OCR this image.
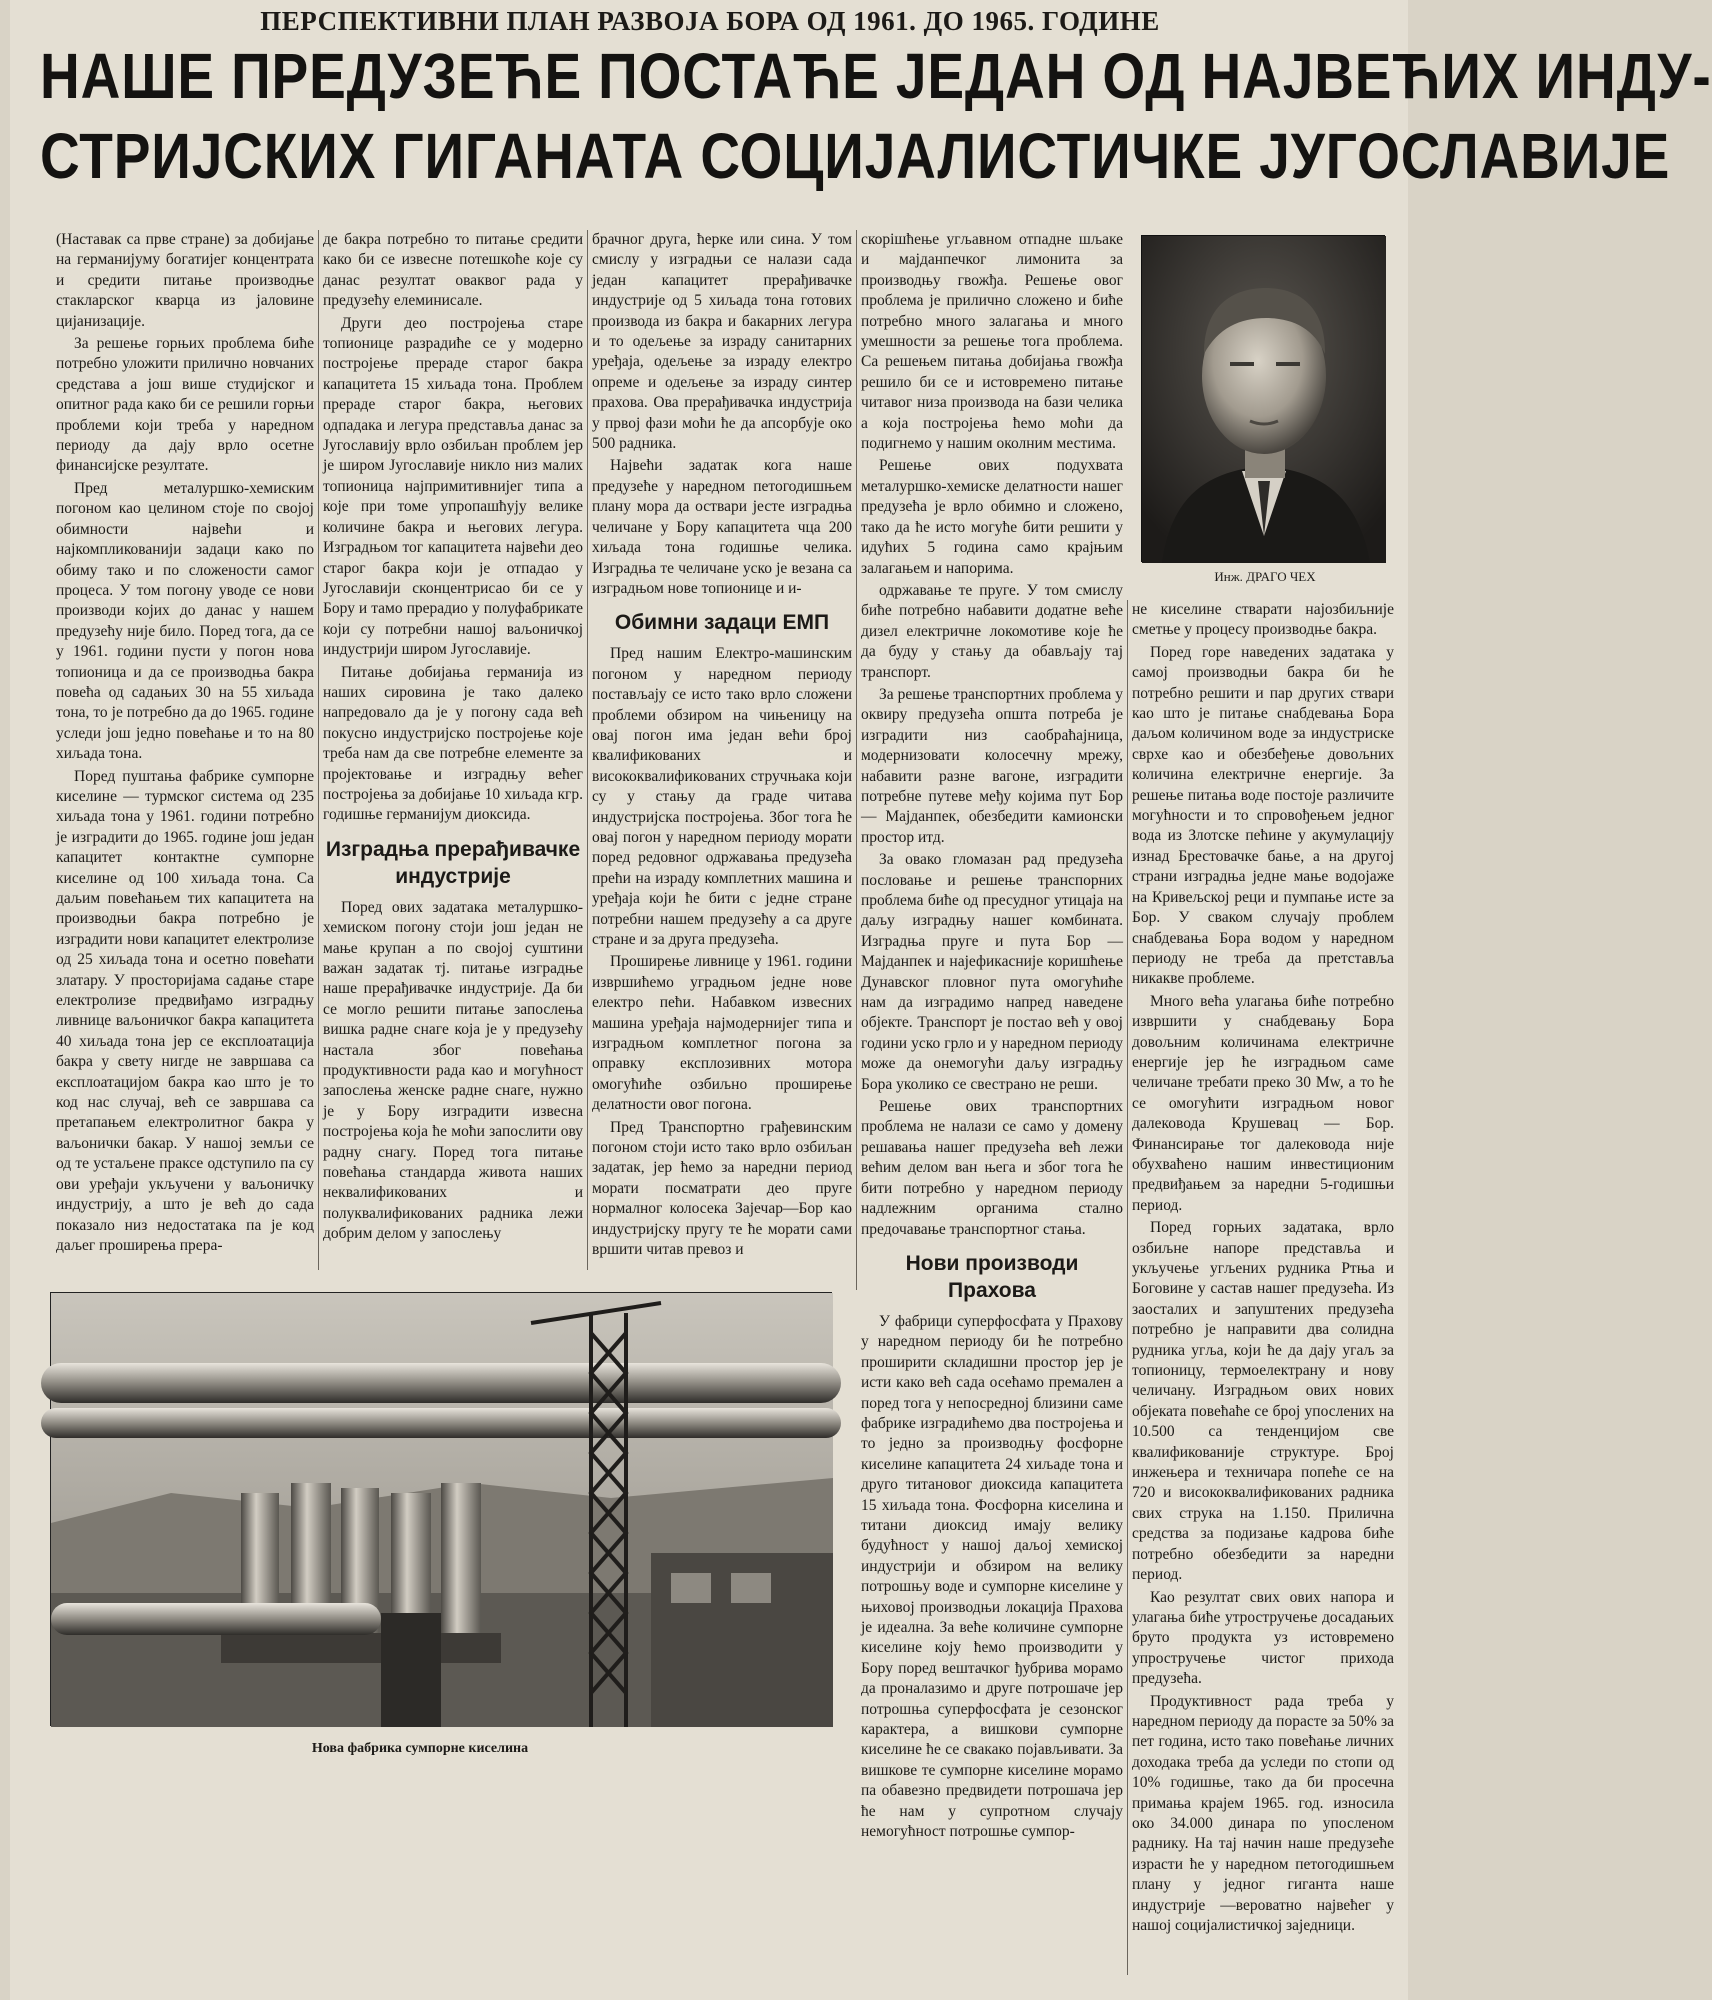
ПЕРСПЕКТИВНИ ПЛАН РАЗВОЈА БОРА ОД 1961. ДО 1965. ГОДИНЕ
НАШЕ ПРЕДУЗЕЋЕ ПОСТАЋЕ ЈЕДАН ОД НАЈВЕЋИХ ИНДУ-
СТРИЈСКИХ ГИГАНАТА СОЦИЈАЛИСТИЧКЕ ЈУГОСЛАВИЈЕ

(Наставак са прве стране) за добијање на германијуму богатијег концентрата и средити питање производње стакларског кварца из јаловине цијанизације.

За решење горњих проблема биће потребно уложити прилично новчаних средстава а још више студијског и опитног рада како би се решили горњи проблеми који треба у наредном периоду да дају врло осетне финансијске резултате.

Пред металуршко-хемиским погоном као целином стоје по својој обимности највећи и најкомпликованији задаци како по обиму тако и по сложености самог процеса. У том погону уводе се нови производи којих до данас у нашем предузећу није било. Поред тога, да се у 1961. години пусти у погон нова топионица и да се производња бакра повећа од садањих 30 на 55 хиљада тона, то је потребно да до 1965. године уследи још једно повећање и то на 80 хиљада тона.

Поред пуштања фабрике сумпорне киселине — турмског система од 235 хиљада тона у 1961. години потребно је изградити до 1965. године још један капацитет контактне сумпорне киселине од 100 хиљада тона. Са даљим повећањем тих капацитета на производњи бакра потребно је изградити нови капацитет електролизе од 25 хиљада тона и осетно повећати златару. У просторијама садање старе електролизе предвиђамо изградњу ливнице ваљоничког бакра капацитета 40 хиљада тона јер се експлоатација бакра у свету нигде не завршава са експлоатацијом бакра као што је то код нас случај, већ се завршава са претапањем електролитног бакра у ваљонички бакар. У нашој земљи се од те устаљене праксе одступило па су ови уређаји укључени у ваљоничку индустрију, а што је већ до сада показало низ недостатака па је код даљег проширења прера-

де бакра потребно то питање средити како би се извесне потешкоће које су данас резултат оваквог рада у предузећу елеминисале.

Други део постројења старе топионице разрадиће се у модерно постројење прераде старог бакра капацитета 15 хиљада тона. Проблем прераде старог бакра, његових одпадака и легура представља данас за Југославију врло озбиљан проблем јер је широм Југославије никло низ малих топионица најпримитивнијег типа а које при томе упропашћују велике количине бакра и његових легура. Изградњом тог капацитета највећи део старог бакра који је отпадао у Југославији сконцентрисао би се у Бору и тамо прерадио у полуфабрикате који су потребни нашој ваљоничкој индустрији широм Југославије.

Питање добијања германија из наших сировина је тако далеко напредовало да је у погону сада већ покусно индустријско постројење које треба нам да све потребне елементе за пројектовање и изградњу већег постројења за добијање 10 хиљада кгр. годишње германијум диоксида.

Изградња прерађивачке индустрије

Поред ових задатака металуршко-хемиском погону стоји још један не мање крупан а по својој суштини важан задатак тј. питање изградње наше прерађивачке индустрије. Да би се могло решити питање запослења вишка радне снаге која је у предузећу настала због повећања продуктивности рада као и могућност запослења женске радне снаге, нужно је у Бору изградити извесна постројења која ће моћи запослити ову радну снагу. Поред тога питање повећања стандарда живота наших неквалификованих и полуквалификованих радника лежи добрим делом у запослењу

брачног друга, ћерке или сина. У том смислу у изградњи се налази сада један капацитет прерађивачке индустрије од 5 хиљада тона готових производа из бакра и бакарних легура и то одељење за израду санитарних уређаја, одељење за израду електро опреме и одељење за израду синтер прахова. Ова прерађивачка индустрија у првој фази моћи ће да апсорбује око 500 радника.

Највећи задатак кога наше предузеће у наредном петогодишњем плану мора да оствари јесте изградња челичане у Бору капацитета чца 200 хиљада тона годишње челика. Изградња те челичане уско је везана са изградњом нове топионице и и-

Обимни задаци ЕМП

Пред нашим Електро-машинским погоном у наредном периоду постављају се исто тако врло сложени проблеми обзиром на чињеницу на овај погон има један већи број квалификованих и висококвалификованих стручњака који су у стању да граде читава индустријска постројења. Због тога ће овај погон у наредном периоду морати поред редовног одржавања предузећа прећи на израду комплетних машина и уређаја који ће бити с једне стране потребни нашем предузећу а са друге стране и за друга предузећа.

Проширење ливнице у 1961. години извршићемо уградњом једне нове електро пећи. Набавком извесних машина уређаја најмодернијег типа и изградњом комплетног погона за оправку експлозивних мотора омогућиће озбиљно проширење делатности овог погона.

Пред Транспортно грађевинским погоном стоји исто тако врло озбиљан задатак, јер ћемо за наредни период морати посматрати део пруге нормалног колосека Зајечар—Бор као индустријску пругу те ће морати сами вршити читав превоз и

скорішћење угљавном отпадне шљаке и мајданпечког лимонита за производњу гвожђа. Решење овог проблема је прилично сложено и биће потребно много залагања и много умешности за решење тога проблема. Са решењем питања добијања гвожђа решило би се и истовремено питање читавог низа производа на бази челика а која постројења ћемо моћи да подигнемо у нашим околним местима.

Решење ових подухвата металуршко-хемиске делатности нашег предузећа је врло обимно и сложено, тако да ће исто могуће бити решити у идућих 5 година само крајњим залагањем и напорима.

одржавање те пруге. У том смислу биће потребно набавити додатне веће дизел електричне локомотиве које ће да буду у стању да обављају тај транспорт.

За решење транспортних проблема у оквиру предузећа општа потреба је изградити низ саобраћајница, модернизовати колосечну мрежу, набавити разне вагоне, изградити потребне путеве међу којима пут Бор — Мајданпек, обезбедити камионски простор итд.

За овако гломазан рад предузећа пословање и решење транспорних проблема биће од пресудног утицаја на даљу изградњу нашег комбината. Изградња пруге и пута Бор — Мајданпек и најефикасније коришћење Дунавског пловног пута омогућиће нам да изградимо напред наведене објекте. Транспорт је постао већ у овој години уско грло и у наредном периоду може да онемогући даљу изградњу Бора уколико се свестрано не реши.

Решење ових транспортних проблема не налази се само у домену решавања нашег предузећа већ лежи већим делом ван њега и због тога ће бити потребно у наредном периоду надлежним органима стално предочавање транспортног стања.

Нови производи Прахова

У фабрици суперфосфата у Прахову у наредном периоду би ће потребно проширити складишни простор јер је исти како већ сада осећамо премален а поред тога у непосредној близини саме фабрике изградићемо два постројења и то једно за производњу фосфорне киселине капацитета 24 хиљаде тона и друго титановог диоксида капацитета 15 хиљада тона. Фосфорна киселина и титани диоксид имају велику будућност у нашој даљој хемиској индустрији и обзиром на велику потрошњу воде и сумпорне киселине у њиховој производњи локација Прахова је идеална. За веће количине сумпорне киселине коју ћемо производити у Бору поред вештачког ђубрива морамо да проналазимо и друге потрошаче јер потрошња суперфосфата је сезонског карактера, а вишкови сумпорне киселине ће се свакако појављивати. За вишкове те сумпорне киселине морамо па обавезно предвидети потрошача јер ће нам у супротном случају немогућност потрошње сумпор-

Инж. ДРАГО ЧЕХ

не киселине стварати најозбиљније сметње у процесу производње бакра.

Поред горе наведених задатака у самој производњи бакра би ће потребно решити и пар других ствари као што је питање снабдевања Бора даљом количином воде за индустриске сврхе као и обезбеђење довољних количина електричне енергије. За решење питања воде постоје различите могућности и то спровођењем једног вода из Злотске пећине у акумулацију изнад Брестовачке бање, а на другој страни изградња једне мање водојаже на Кривељској реци и пумпање исте за Бор. У сваком случају проблем снабдевања Бора водом у наредном периоду не треба да претставља никакве проблеме.

Много већа улагања биће потребно извршити у снабдевању Бора довољним количинама електричне енергије јер ће изградњом саме челичане требати преко 30 Мw, а то ће се омогућити изградњом новог далековода Крушевац — Бор. Финансирање тог далековода није обухваћено нашим инвестиционим предвиђањем за наредни 5-годишњи период.

Поред горњих задатака, врло озбиљне напоре представља и укључење угљених рудника Ртња и Боговине у састав нашег предузећа. Из заосталих и запуштених предузећа потребно је направити два солидна рудника угља, који ће да дају угаљ за топионицу, термоелектрану и нову челичану. Изградњом ових нових објеката повећаће се број упослених на 10.500 са тенденцијом све квалификованије структуре. Број инжењера и техничара попеће се на 720 и висококвалификованих радника свих струка на 1.150. Прилична средства за подизање кадрова биће потребно обезбедити за наредни период.

Као резултат свих ових напора и улагања биће утростручење досадањих бруто продукта уз истовремено упростручење чистог прихода предузећа.

Продуктивност рада треба у наредном периоду да порасте за 50% за пет година, исто тако повећање личних доходака треба да уследи по стопи од 10% годишње, тако да би просечна примања крајем 1965. год. износила око 34.000 динара по упосленом раднику. На тај начин наше предузеће израсти ће у наредном петогодишњем плану у једног гиганта наше индустрије —вероватно највећег у нашој социјалистичкој заједници.

Нова фабрика сумпорне киселина
